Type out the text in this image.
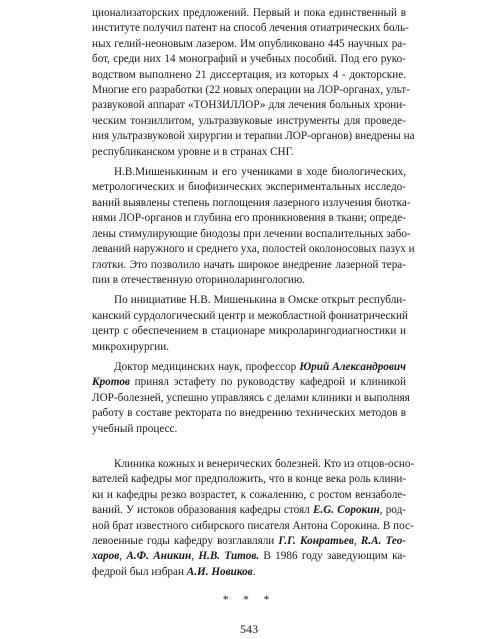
ционализаторских предложений. Первый и пока единственный в
институте получил патент на способ лечения отиатрических боль-
ных гелий-неоновым лазером. Им опубликовано 445 научных ра-
бот, среди них 14 монографий и учебных пособий. Под его руко-
водством выполнено 21 диссертация, из которых 4 - докторские.
Многие его разработки (22 новых операции на ЛОР-органах, ульт-
развуковой аппарат «ТОНЗИЛЛОР» для лечения больных хрони-
ческим тонзиллитом, ультразвуковые инструменты для проведе-
ния ультразвуковой хирургии и терапии ЛОР-органов) внедрены на
республиканском уровне и в странах СНГ.
Н.В.Мишенькиным и его учениками в ходе биологических,
метрологических и биофизических экспериментальных исследо-
ваний выявлены степень поглощения лазерного излучения биотка-
нями ЛОР-органов и глубина его проникновения в ткани; опреде-
лены стимулирующие биодозы при лечении воспалительных забо-
леваний наружного и среднего уха, полостей околоносовых пазух и
глотки. Это позволило начать широкое внедрение лазерной тера-
пии в отечественную оториноларингологию.
По инициативе Н.В. Мишенькина в Омске открыт республи-
канский сурдологический центр и межобластной фониатрический
центр с обеспечением в стационаре микроларингодиагностики и
микрохирургии.
Доктор медицинских наук, профессор Юрий Александрович
Кротов принял эстафету по руководству кафедрой и клиникой
ЛОР-болезней, успешно управляясь с делами клиники и выполняя
работу в составе ректората по внедрению технических методов в
учебный процесс.
Клиника кожных и венерических болезней. Кто из отцов-осно-
вателей кафедры мог предположить, что в конце века роль клини-
ки и кафедры резко возрастет, к сожалению, с ростом вензаболе-
ваний. У истоков образования кафедры стоял Е.G. Сорокин, род-
ной брат известного сибирского писателя Антона Сорокина. В пос-
левоенные годы кафедру возглавляли Г.Г. Конратьев, R.А. Тео-
харов, А.Ф. Аникин, Н.В. Титов. В 1986 году заведующим ка-
федрой был избран А.И. Новиков.
* * *
543
